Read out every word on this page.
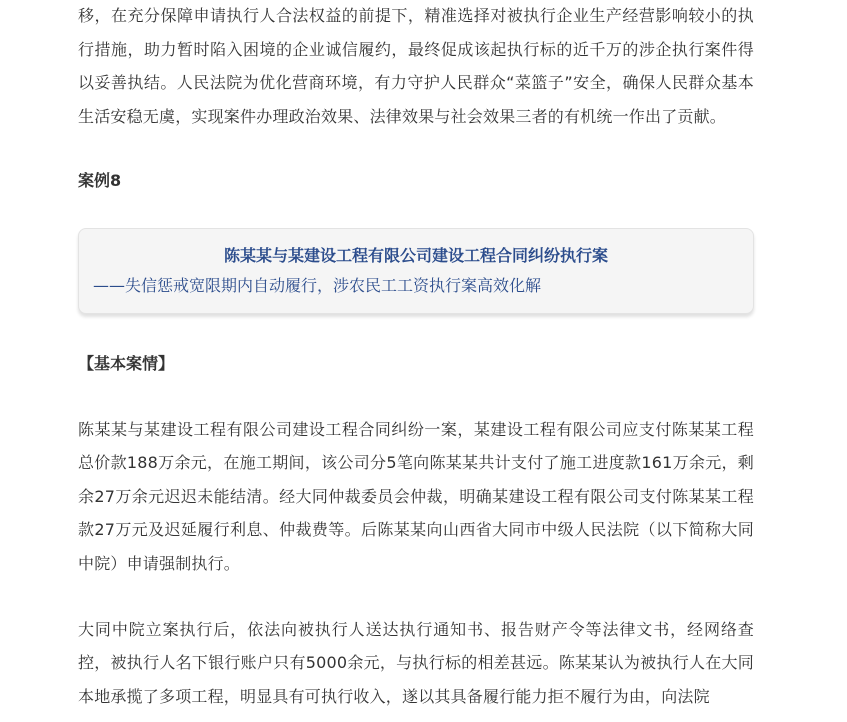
移，在充分保障申请执行人合法权益的前提下，精准选择对被执行企业生产经营影响较小的执行措施，助力暂时陷入困境的企业诚信履约，最终促成该起执行标的近千万的涉企执行案件得以妥善执结。人民法院为优化营商环境，有力守护人民群众“菜篮子”安全，确保人民群众基本生活安稳无虞，实现案件办理政治效果、法律效果与社会效果三者的有机统一作出了贡献。

案例8

陈某某与某建设工程有限公司建设工程合同纠纷执行案
——失信惩戒宽限期内自动履行，涉农民工工资执行案高效化解

【基本案情】

陈某某与某建设工程有限公司建设工程合同纠纷一案，某建设工程有限公司应支付陈某某工程总价款188万余元，在施工期间，该公司分5笔向陈某某共计支付了施工进度款161万余元，剩余27万余元迟迟未能结清。经大同仲裁委员会仲裁，明确某建设工程有限公司支付陈某某工程款27万元及迟延履行利息、仲裁费等。后陈某某向山西省大同市中级人民法院（以下简称大同中院）申请强制执行。

大同中院立案执行后，依法向被执行人送达执行通知书、报告财产令等法律文书，经网络查控，被执行人名下银行账户只有5000余元，与执行标的相差甚远。陈某某认为被执行人在大同本地承揽了多项工程，明显具有可执行收入，遂以其具备履行能力拒不履行为由，向法院
